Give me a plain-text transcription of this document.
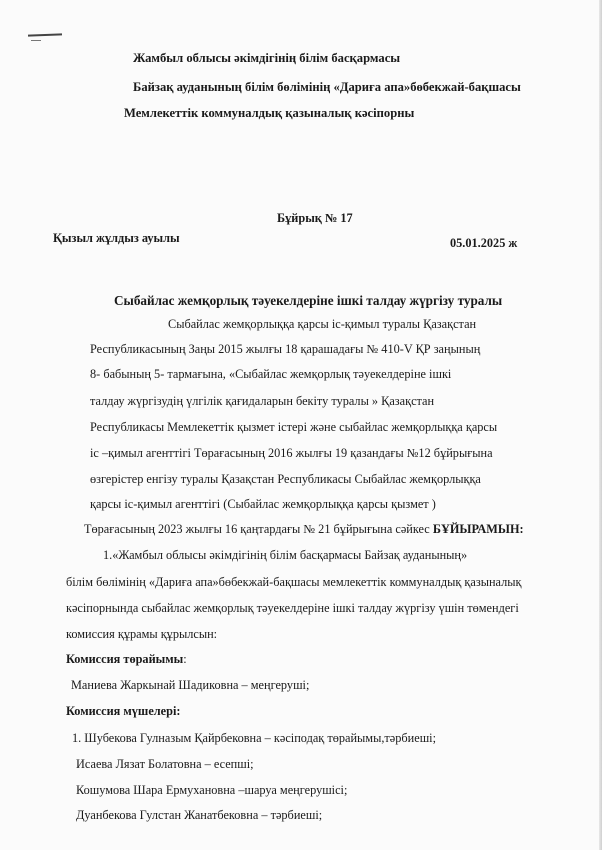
Жамбыл облысы әкімдігінің білім басқармасы
Байзақ ауданының білім бөлімінің «Дариға апа»бөбекжай-бақшасы
Мемлекеттік коммуналдық қазыналық кәсіпорны
Бұйрық № 17
Қызыл жұлдыз ауылы	05.01.2025 ж
Сыбайлас жемқорлық тәуекелдеріне ішкі талдау жүргізу туралы
Сыбайлас жемқорлыққа қарсы іс-қимыл туралы Қазақстан
Республикасының Заңы 2015 жылғы 18 қарашадағы № 410-V ҚР заңының
8- бабының 5- тармағына, «Сыбайлас жемқорлық тәуекелдеріне ішкі
талдау жүргізудің үлгілік қағидаларын бекіту туралы » Қазақстан
Республикасы Мемлекеттік қызмет істері және сыбайлас жемқорлыққа қарсы
іс –қимыл агенттігі Төрағасының 2016 жылғы 19 қазандағы №12 бұйрығына
өзгерістер енгізу туралы Қазақстан Республикасы Сыбайлас жемқорлыққа
қарсы іс-қимыл агенттігі (Сыбайлас жемқорлыққа қарсы қызмет )
Төрағасының 2023 жылғы 16 қаңтардағы № 21 бұйрығына сәйкес БҰЙЫРАМЫН:
1.«Жамбыл облысы әкімдігінің білім басқармасы Байзақ ауданының»
білім бөлімінің «Дариға апа»бөбекжай-бақшасы мемлекеттік коммуналдық қазыналық
кәсіпорнында сыбайлас жемқорлық тәуекелдеріне ішкі талдау жүргізу үшін төмендегі
комиссия құрамы құрылсын:
Комиссия төрайымы:
Маниева Жаркынай Шадиковна – меңгеруші;
Комиссия мүшелері:
1. Шубекова Гулназым Қайрбековна – кәсіподақ төрайымы,тәрбиеші;
Исаева Лязат Болатовна – есепші;
Кошумова Шара Ермухановна –шаруа меңгерушісі;
Дуанбекова Гулстан Жанатбековна – тәрбиеші;
